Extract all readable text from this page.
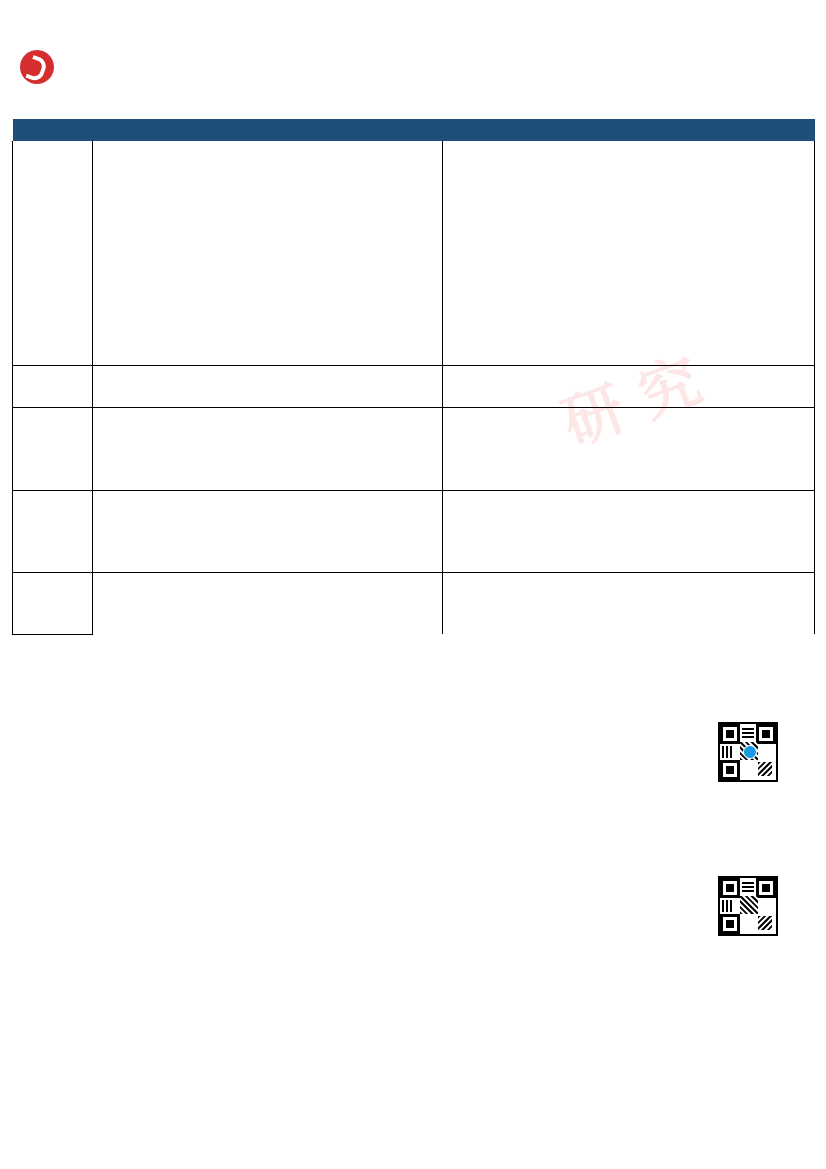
研 究
